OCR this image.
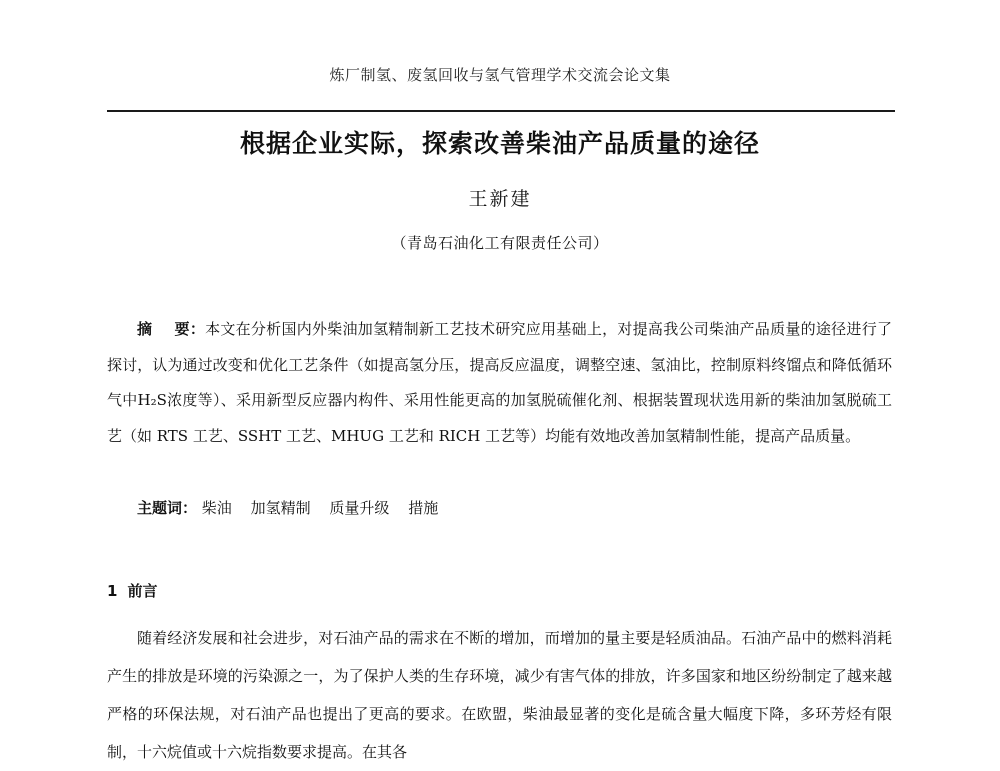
炼厂制氢、废氢回收与氢气管理学术交流会论文集
根据企业实际，探索改善柴油产品质量的途径
王新建
（青岛石油化工有限责任公司）
摘 要：本文在分析国内外柴油加氢精制新工艺技术研究应用基础上，对提高我公司柴油产品质量的途径进行了探讨，认为通过改变和优化工艺条件（如提高氢分压，提高反应温度，调整空速、氢油比，控制原料终馏点和降低循环气中H₂S浓度等）、采用新型反应器内构件、采用性能更高的加氢脱硫催化剂、根据装置现状选用新的柴油加氢脱硫工艺（如 RTS 工艺、SSHT 工艺、MHUG 工艺和 RICH 工艺等）均能有效地改善加氢精制性能，提高产品质量。
主题词： 柴油 加氢精制 质量升级 措施
1 前言
随着经济发展和社会进步，对石油产品的需求在不断的增加，而增加的量主要是轻质油品。石油产品中的燃料消耗产生的排放是环境的污染源之一，为了保护人类的生存环境，减少有害气体的排放，许多国家和地区纷纷制定了越来越严格的环保法规，对石油产品也提出了更高的要求。在欧盟，柴油最显著的变化是硫含量大幅度下降，多环芳烃有限制，十六烷值或十六烷指数要求提高。在其各
